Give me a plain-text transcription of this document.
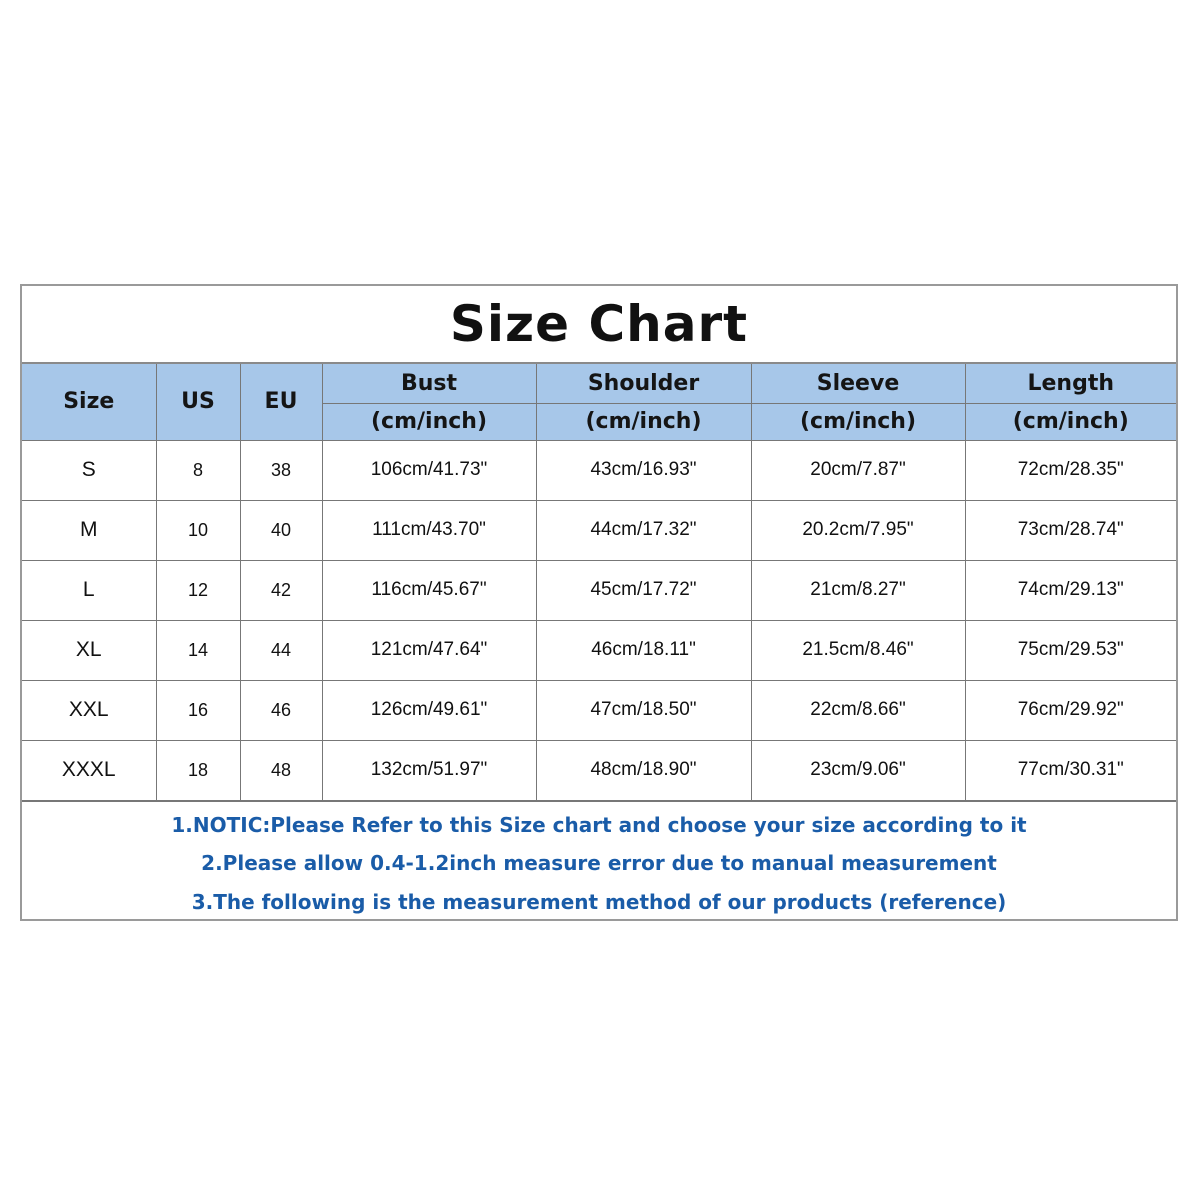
Size Chart
Size	US	EU	Bust	Shoulder	Sleeve	Length
			(cm/inch)	(cm/inch)	(cm/inch)	(cm/inch)
S	8	38	106cm/41.73"	43cm/16.93"	20cm/7.87"	72cm/28.35"
M	10	40	111cm/43.70"	44cm/17.32"	20.2cm/7.95"	73cm/28.74"
L	12	42	116cm/45.67"	45cm/17.72"	21cm/8.27"	74cm/29.13"
XL	14	44	121cm/47.64"	46cm/18.11"	21.5cm/8.46"	75cm/29.53"
XXL	16	46	126cm/49.61"	47cm/18.50"	22cm/8.66"	76cm/29.92"
XXXL	18	48	132cm/51.97"	48cm/18.90"	23cm/9.06"	77cm/30.31"
1.NOTIC:Please Refer to this Size chart and choose your size according to it
2.Please allow 0.4-1.2inch measure error due to manual measurement
3.The following is the measurement method of our products (reference)
